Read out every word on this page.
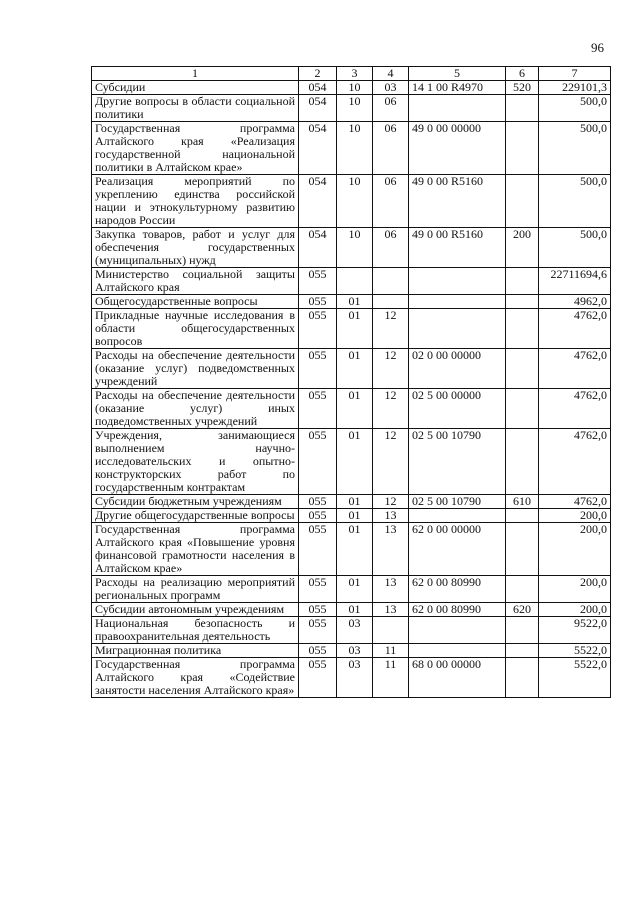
96
1	2	3	4	5	6	7
Субсидии	054	10	03	14 1 00 R4970	520	229101,3
Другие вопросы в области социальной политики	054	10	06			500,0
Государственная программа Алтайского края «Реализация государственной национальной политики в Алтайском крае»	054	10	06	49 0 00 00000		500,0
Реализация мероприятий по укреплению единства российской нации и этнокультурному развитию народов России	054	10	06	49 0 00 R5160		500,0
Закупка товаров, работ и услуг для обеспечения государственных (муниципальных) нужд	054	10	06	49 0 00 R5160	200	500,0
Министерство социальной защиты Алтайского края	055					22711694,6
Общегосударственные вопросы	055	01				4962,0
Прикладные научные исследования в области общегосударственных вопросов	055	01	12			4762,0
Расходы на обеспечение деятельности (оказание услуг) подведомственных учреждений	055	01	12	02 0 00 00000		4762,0
Расходы на обеспечение деятельности (оказание услуг) иных подведомственных учреждений	055	01	12	02 5 00 00000		4762,0
Учреждения, занимающиеся выполнением научно-исследовательских и опытно-конструкторских работ по государственным контрактам	055	01	12	02 5 00 10790		4762,0
Субсидии бюджетным учреждениям	055	01	12	02 5 00 10790	610	4762,0
Другие общегосударственные вопросы	055	01	13			200,0
Государственная программа Алтайского края «Повышение уровня финансовой грамотности населения в Алтайском крае»	055	01	13	62 0 00 00000		200,0
Расходы на реализацию мероприятий региональных программ	055	01	13	62 0 00 80990		200,0
Субсидии автономным учреждениям	055	01	13	62 0 00 80990	620	200,0
Национальная безопасность и правоохранительная деятельность	055	03				9522,0
Миграционная политика	055	03	11			5522,0
Государственная программа Алтайского края «Содействие занятости населения Алтайского края»	055	03	11	68 0 00 00000		5522,0
